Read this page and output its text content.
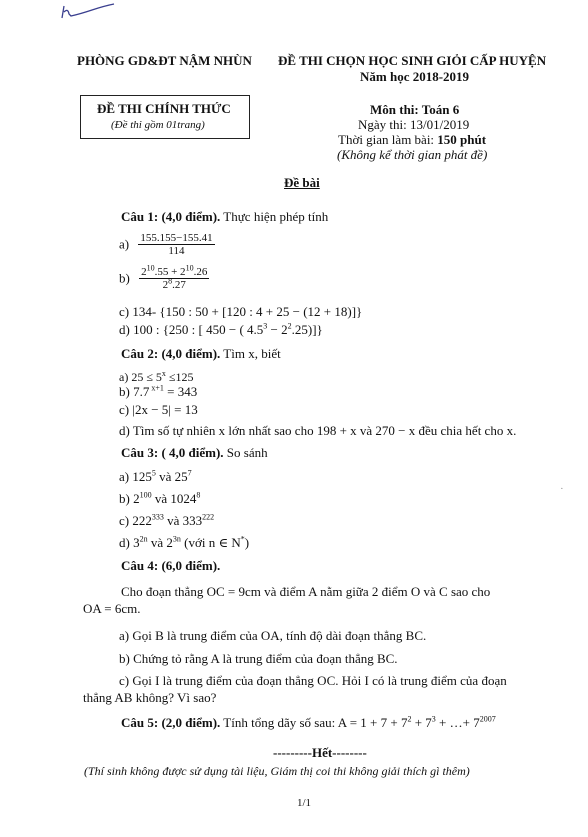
PHÒNG GD&ĐT NẬM NHÙN ĐỀ THI CHỌN HỌC SINH GIỎI CẤP HUYỆN
Năm học 2018-2019
ĐỀ THI CHÍNH THỨC
(Đề thi gồm 01trang)
Môn thi: Toán 6
Ngày thi: 13/01/2019
Thời gian làm bài: 150 phút
(Không kể thời gian phát đề)
Đề bài
Câu 1: (4,0 điểm). Thực hiện phép tính
$a) \frac{155.155-155.41}{114}$
$b) \frac{2^{10}.55 + 2^{10}.26}{2^8.27}$
c) 134- {150 : 50 + [120 : 4 + 25 − (12 + 18)]}
d) 100 : {250 : [ 450 − ( $4.5^3 - 2^2.25$)]}
Câu 2: (4,0 điểm). Tìm x, biết
a) $25 \le 5^x \le 125$
b) 7.7 $^{x+1}$ = 343
c) |2x − 5| = 13
d) Tìm số tự nhiên x lớn nhất sao cho 198 + x và 270 − x đều chia hết cho x.
Câu 3: ( 4,0 điểm). So sánh
a) $125^5$ và $25^7$
b) $2^{100}$ và 1024$^8$
c) $222^{333}$ và $333^{222}$
d) $3^{2n}$ và $2^{3n}$ (với n ∈ N*)
Câu 4: (6,0 điểm).
Cho đoạn thẳng OC = 9cm và điểm A nằm giữa 2 điểm O và C sao cho
OA = 6cm.
a) Gọi B là trung điểm của OA, tính độ dài đoạn thẳng BC.
b) Chứng tỏ rằng A là trung điểm của đoạn thẳng BC.
c) Gọi I là trung điểm của đoạn thẳng OC. Hỏi I có là trung điểm của đoạn
thẳng AB không? Vì sao?
Câu 5: (2,0 điểm). Tính tổng dãy số sau: $A = 1 + 7 + 7^2 + 7^3$ + …+ $7^{2007}$
---------Hết--------
(Thí sinh không được sử dụng tài liệu, Giám thị coi thi không giải thích gì thêm)
1/1
·
